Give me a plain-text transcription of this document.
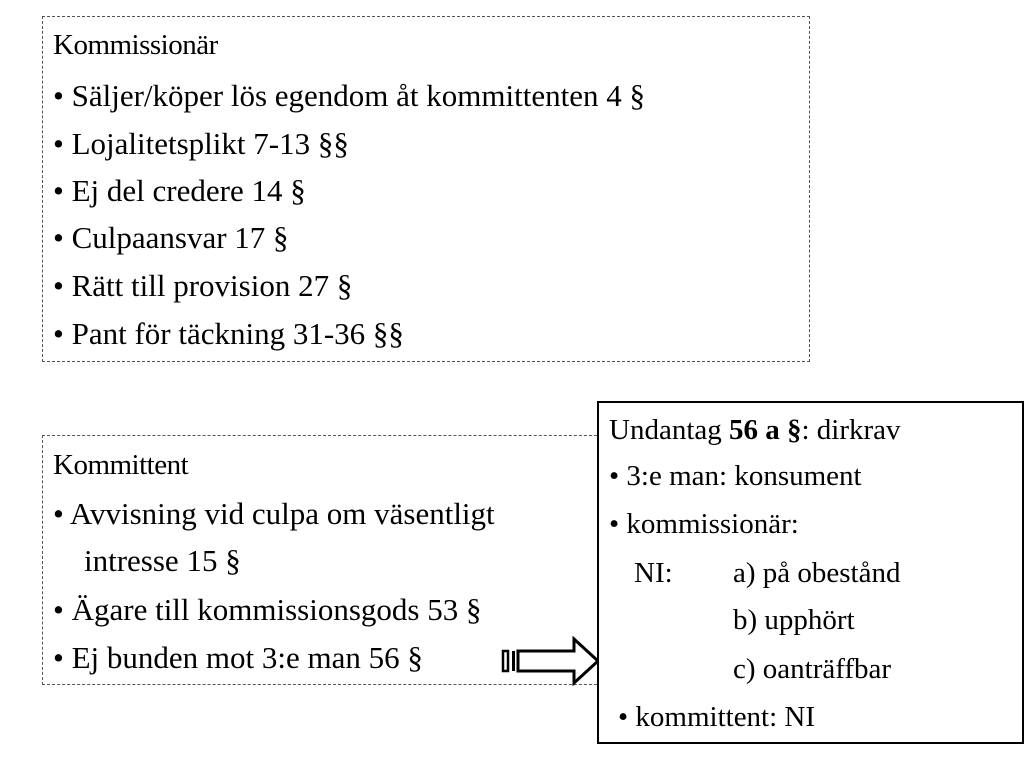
Kommissionär
• Säljer/köper lös egendom åt kommittenten 4 §
• Lojalitetsplikt 7-13 §§
• Ej del credere 14 §
• Culpaansvar 17 §
• Rätt till provision 27 §
• Pant för täckning 31-36 §§
Kommittent
• Avvisning vid culpa om väsentligt
intresse 15 §
• Ägare till kommissionsgods 53 §
• Ej bunden mot 3:e man 56 §
Undantag 56 a §: dirkrav
• 3:e man: konsument
• kommissionär:
NI: a) på obestånd
b) upphört
c) oanträffbar
• kommittent: NI
